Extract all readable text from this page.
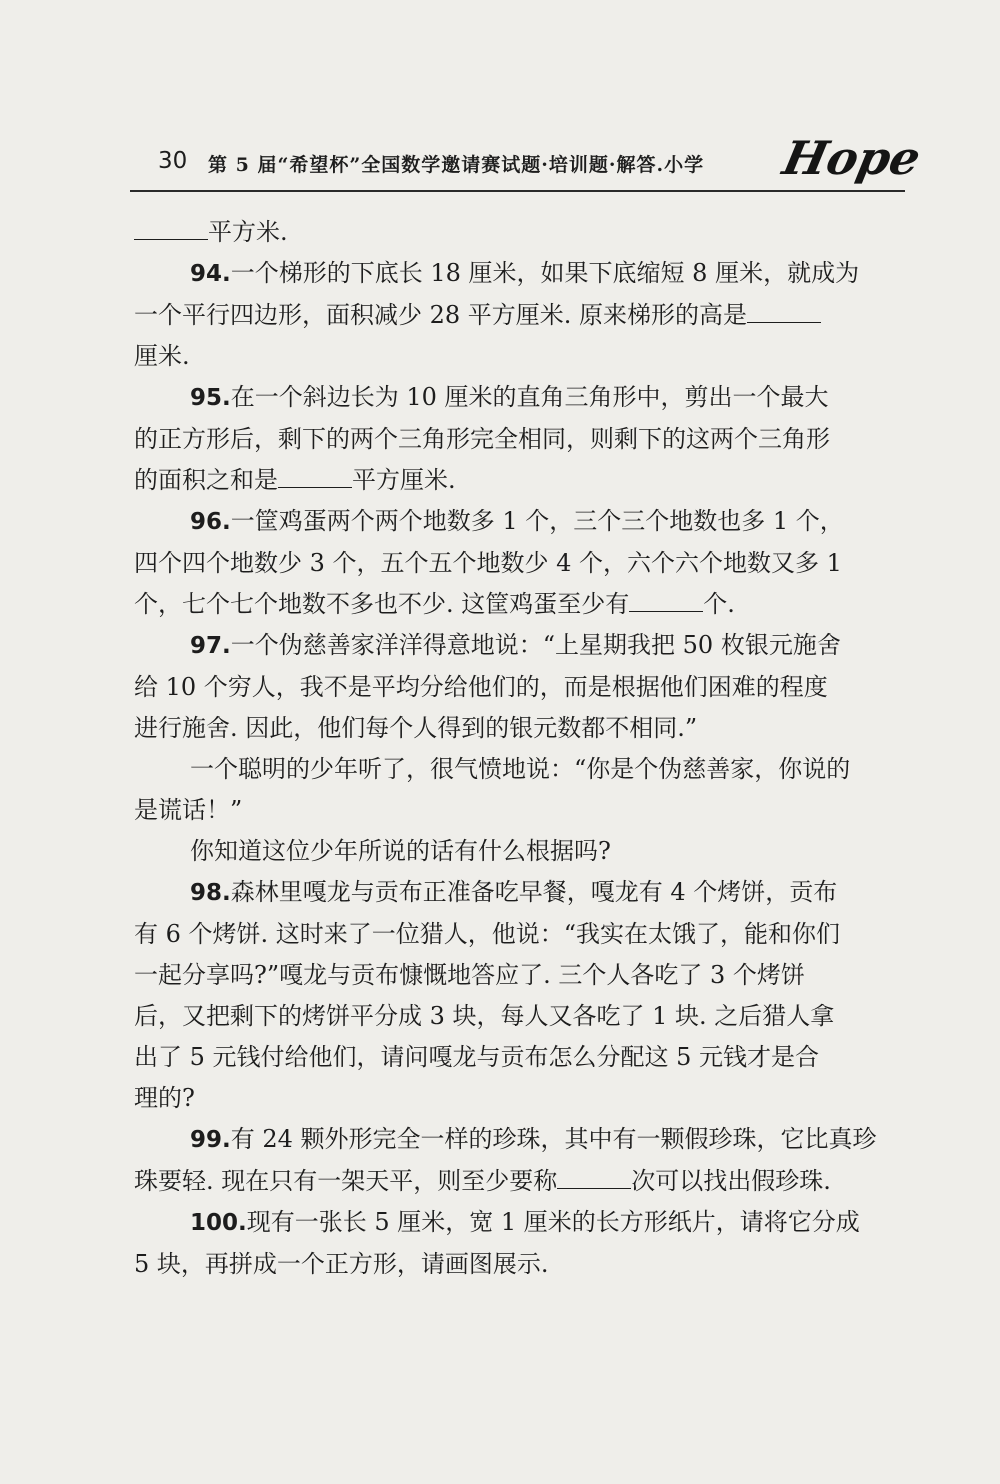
30 第 5 届“希望杯”全国数学邀请赛试题·培训题·解答.小学 Hope

平方米.

94.一个梯形的下底长 18 厘米，如果下底缩短 8 厘米，就成为

一个平行四边形，面积减少 28 平方厘米. 原来梯形的高是

厘米.

95.在一个斜边长为 10 厘米的直角三角形中，剪出一个最大

的正方形后，剩下的两个三角形完全相同，则剩下的这两个三角形

的面积之和是	平方厘米.

96.一筐鸡蛋两个两个地数多 1 个，三个三个地数也多 1 个，

四个四个地数少 3 个，五个五个地数少 4 个，六个六个地数又多 1

个，七个七个地数不多也不少. 这筐鸡蛋至少有	个.

97.一个伪慈善家洋洋得意地说：“上星期我把 50 枚银元施舍

给 10 个穷人，我不是平均分给他们的，而是根据他们困难的程度

进行施舍. 因此，他们每个人得到的银元数都不相同.”

一个聪明的少年听了，很气愤地说：“你是个伪慈善家，你说的

是谎话！”

你知道这位少年所说的话有什么根据吗?

98.森林里嘎龙与贡布正准备吃早餐，嘎龙有 4 个烤饼，贡布

有 6 个烤饼. 这时来了一位猎人，他说：“我实在太饿了，能和你们

一起分享吗?”嘎龙与贡布慷慨地答应了. 三个人各吃了 3 个烤饼

后，又把剩下的烤饼平分成 3 块，每人又各吃了 1 块. 之后猎人拿

出了 5 元钱付给他们，请问嘎龙与贡布怎么分配这 5 元钱才是合

理的?

99.有 24 颗外形完全一样的珍珠，其中有一颗假珍珠，它比真珍

珠要轻. 现在只有一架天平，则至少要称	次可以找出假珍珠.

100.现有一张长 5 厘米，宽 1 厘米的长方形纸片，请将它分成

5 块，再拼成一个正方形，请画图展示.
